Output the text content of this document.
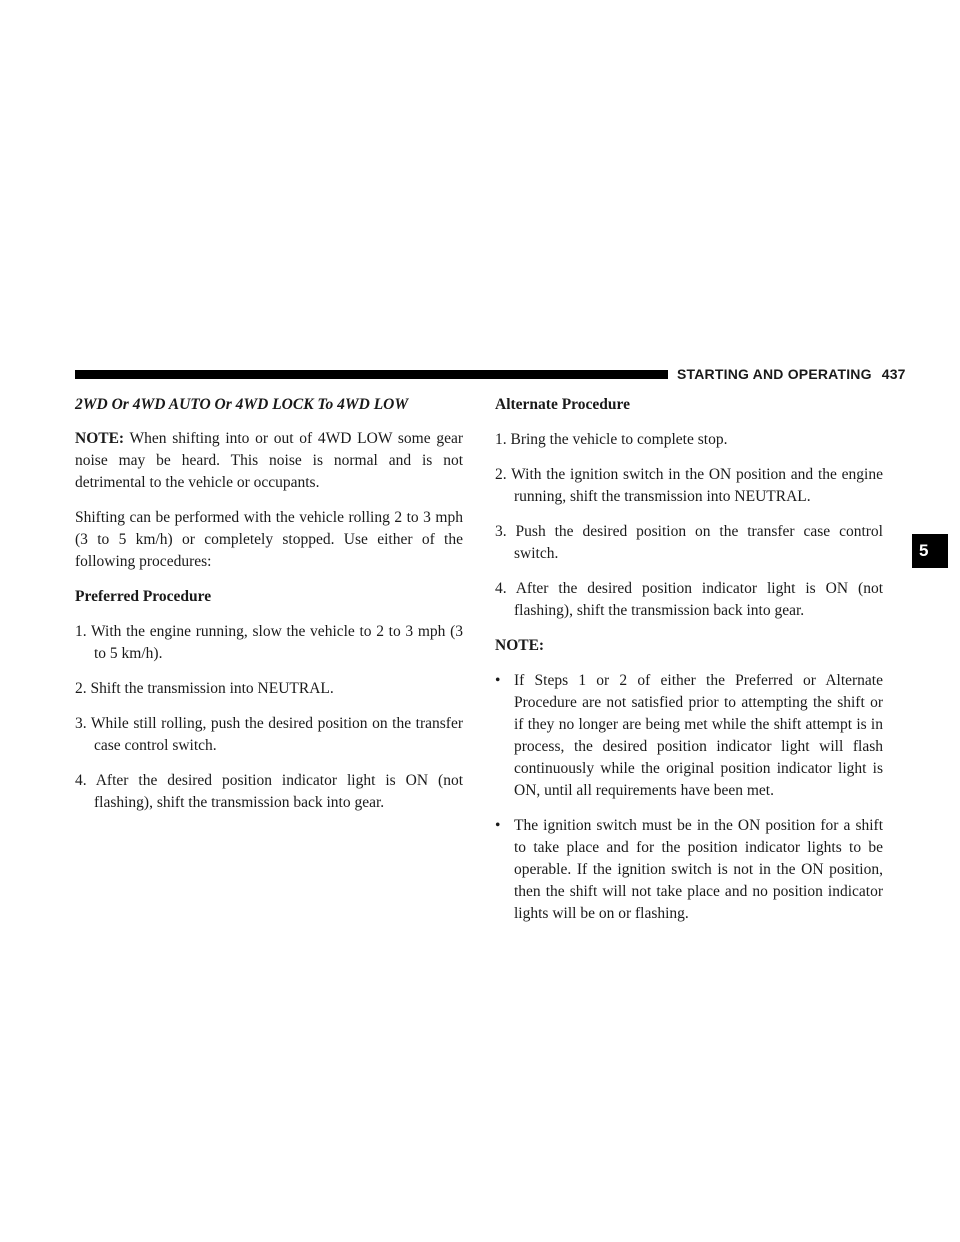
STARTING AND OPERATING 437
5

2WD Or 4WD AUTO Or 4WD LOCK To 4WD LOW

NOTE: When shifting into or out of 4WD LOW some gear noise may be heard. This noise is normal and is not detrimental to the vehicle or occupants.

Shifting can be performed with the vehicle rolling 2 to 3 mph (3 to 5 km/h) or completely stopped. Use either of the following procedures:

Preferred Procedure

1. With the engine running, slow the vehicle to 2 to 3 mph (3 to 5 km/h).

2. Shift the transmission into NEUTRAL.

3. While still rolling, push the desired position on the transfer case control switch.

4. After the desired position indicator light is ON (not flashing), shift the transmission back into gear.

Alternate Procedure

1. Bring the vehicle to complete stop.

2. With the ignition switch in the ON position and the engine running, shift the transmission into NEUTRAL.

3. Push the desired position on the transfer case control switch.

4. After the desired position indicator light is ON (not flashing), shift the transmission back into gear.

NOTE:

• If Steps 1 or 2 of either the Preferred or Alternate Procedure are not satisfied prior to attempting the shift or if they no longer are being met while the shift attempt is in process, the desired position indicator light will flash continuously while the original position indicator light is ON, until all requirements have been met.

• The ignition switch must be in the ON position for a shift to take place and for the position indicator lights to be operable. If the ignition switch is not in the ON position, then the shift will not take place and no position indicator lights will be on or flashing.
